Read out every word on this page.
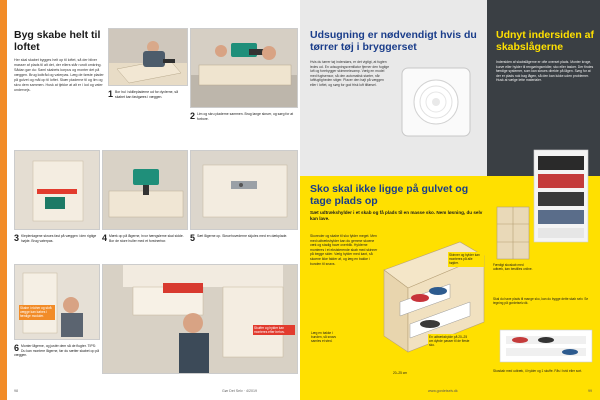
Byg skabe helt til loftet
Her skal skabet bygges helt op til loftet, så der bliver masser af plads til alt det, der ellers står rundt omkring. Sådan gør du: Saml skabets korpus og monter det på væggen. Brug lodtråd og vaterpas. Læg de første plader på gulvet og mål op til loftet. Skær pladerne til og lim og skru dem sammen. Husk at tjekke at alt er i lod og vater undervejs.	1 Bor hul i skillepladerne ud for dyvlerne, så skabet kan fastgøres i væggen.
2 Lim og skru pladerne sammen. Brug lange skruer, og sørg for at forbore.
3 Kleplenlagene skrues fast på væggen i den rigtige højde. Brug vaterpas.	4 Mærk op på lågerne, hvor hængslerne skal sidde. Bor de store huller med et forstnerbor.	5 Sæt lågerne op. Skruehovederne skjules med en dækplade.
Skabe i nicher og skrå vægge kan købes i færdige moduler.
Skuffer og hylder kan monteres efter behov.
6 Monter lågerne, og justér dem så de flugter. TIPS: Du kan montere lågerne, før du sætter skabet op på væggen.
98	Gør Det Selv · 4/2019
Udsugning er nødvendigt hvis du tørrer tøj i bryggerset
Hvis du tørrer tøj indendørs, er det vigtigt, at fugten ledes ud. En udsugningsventilator fjerner den fugtige luft og forebygger skimmelsvamp. Vælg en model med fugtsensor, så den automatisk starter, når luftfugtigheden stiger. Placer den højt på væggen eller i loftet, og sørg for god frisk luft tilførsel.
Udnyt indersiden af skabslågerne
Indersiden af skabslågerne er ofte overset plads. Monter kroge, kurve eller hylder til rengøringsmidler, sko eller tasker. Der findes færdige systemer, som kan skrues direkte på lågen. Sørg for at der er plads nok bag lågen, så den kan lukke uden problemer. Husk at vælge lette materialer.
Sko skal ikke ligge på gulvet og tage plads op
Sæt udtrækshylder i et skab og få plads til en masse sko. Nem løsning, du selv kan lave.
Skoreoler og skabe til sko fylder meget. Men med udtrækshylder kan du gemme skoene væk og stadig have overblik. Hylderne monteres i et eksisterende skab med skinner på begge sider. Vælg hylder med kant, så skoene ikke falder af, og læg en bakke i bunden til snavs.
Skinner og hylder kan monteres på alle højder.
Læg en bakke i bunden, så snavs samles et sted.
En udtrækshylde på 20–25 cm dybde passer til de fleste sko.
20–25 cm
Færdigt skoskab med udtræk, kan bestilles online.
Skal du have plads til mange sko, kan du bygge dette skab selv. Se tegning på gordetselv.dk.
Skoskab med udtræk, 4 hylder og 1 skuffe. Fås i hvid eller sort.
www.gordetselv.dk	99
